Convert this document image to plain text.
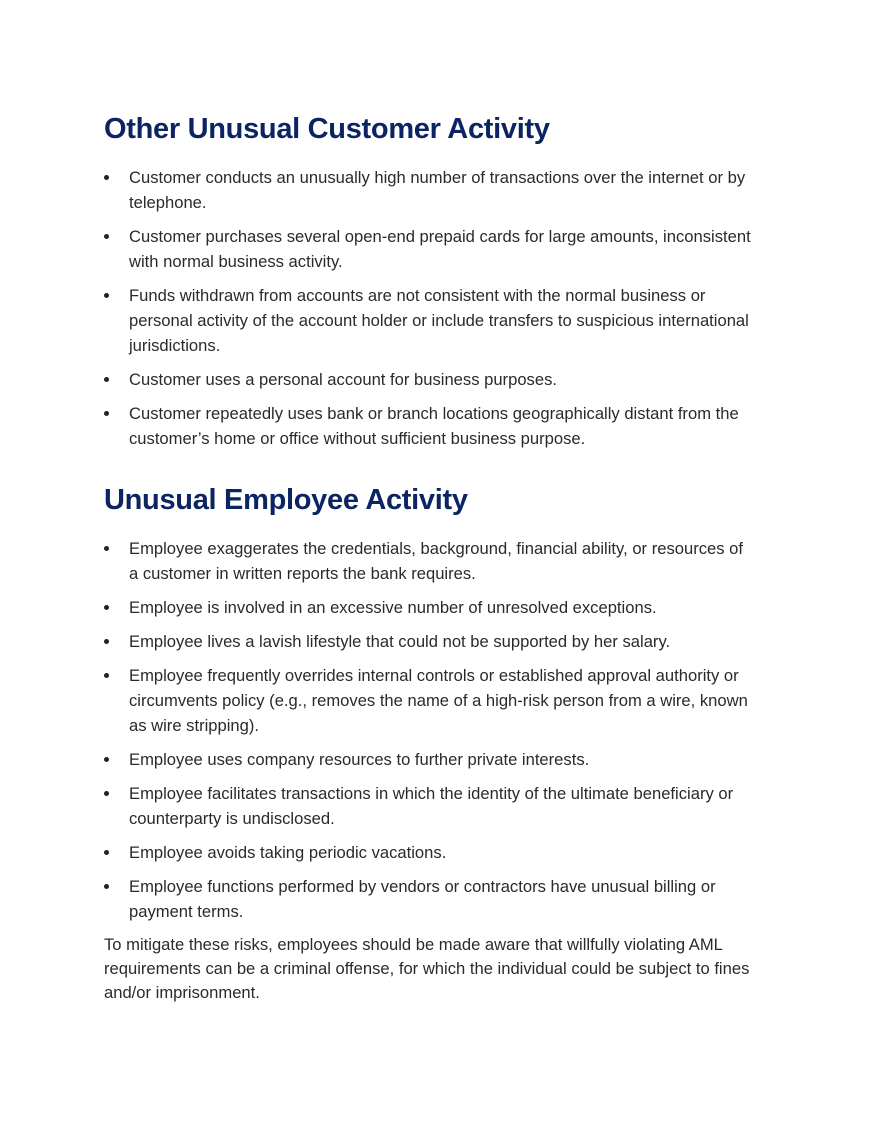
Other Unusual Customer Activity
Customer conducts an unusually high number of transactions over the internet or by telephone.
Customer purchases several open-end prepaid cards for large amounts, inconsistent with normal business activity.
Funds withdrawn from accounts are not consistent with the normal business or personal activity of the account holder or include transfers to suspicious international jurisdictions.
Customer uses a personal account for business purposes.
Customer repeatedly uses bank or branch locations geographically distant from the customer’s home or office without sufficient business purpose.
Unusual Employee Activity
Employee exaggerates the credentials, background, financial ability, or resources of a customer in written reports the bank requires.
Employee is involved in an excessive number of unresolved exceptions.
Employee lives a lavish lifestyle that could not be supported by her salary.
Employee frequently overrides internal controls or established approval authority or circumvents policy (e.g., removes the name of a high-risk person from a wire, known as wire stripping).
Employee uses company resources to further private interests.
Employee facilitates transactions in which the identity of the ultimate beneficiary or counterparty is undisclosed.
Employee avoids taking periodic vacations.
Employee functions performed by vendors or contractors have unusual billing or payment terms.

To mitigate these risks, employees should be made aware that willfully violating AML requirements can be a criminal offense, for which the individual could be subject to fines and/or imprisonment.
